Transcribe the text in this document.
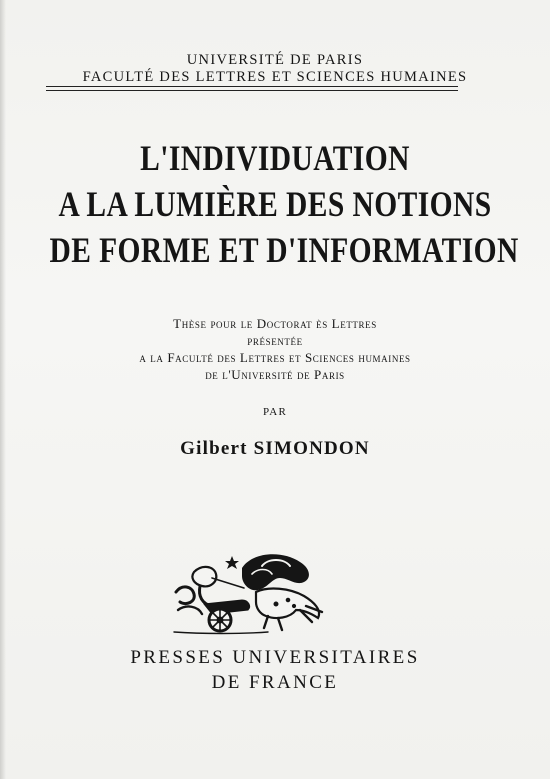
UNIVERSITÉ DE PARIS
FACULTÉ DES LETTRES ET SCIENCES HUMAINES
L'INDIVIDUATION
A LA LUMIÈRE DES NOTIONS
DE FORME ET D'INFORMATION
Thèse pour le Doctorat ès Lettres
présentée
a la Faculté des Lettres et Sciences humaines
de l'Université de Paris
PAR
Gilbert SIMONDON
PRESSES UNIVERSITAIRES
DE FRANCE
